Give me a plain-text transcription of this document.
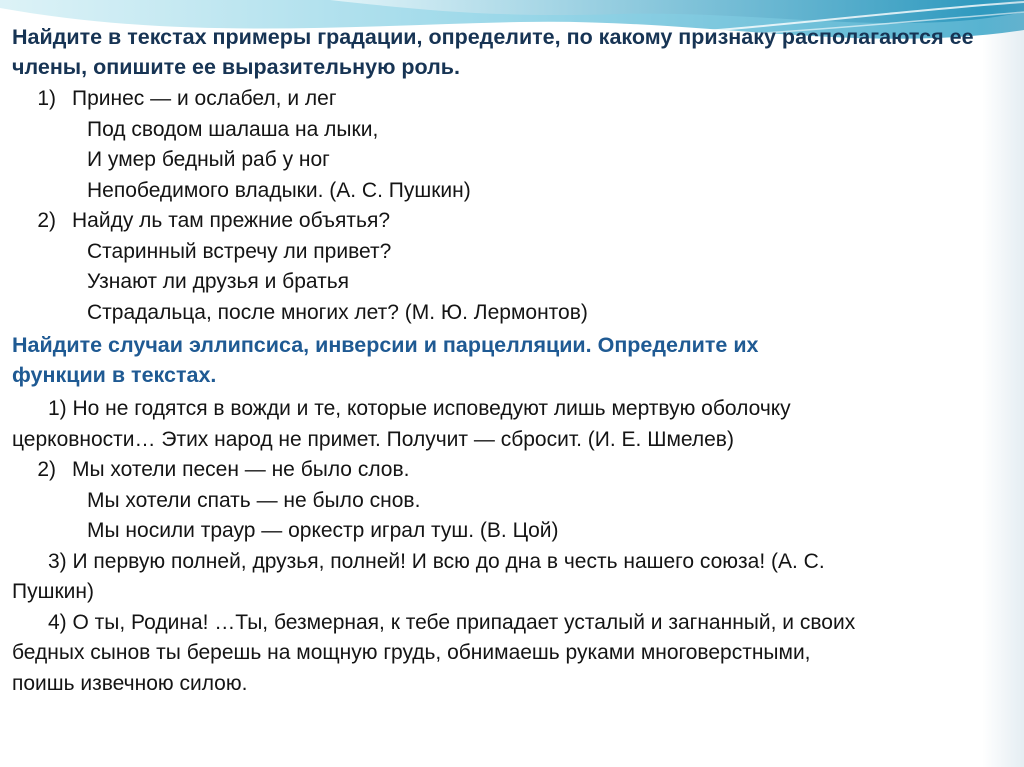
Найдите в текстах примеры градации, определите, по какому признаку располагаются ее члены, опишите ее выразительную роль.

1) Принес — и ослабел, и лег
Под сводом шалаша на лыки,
И умер бедный раб у ног
Непобедимого владыки. (А. С. Пушкин)
2) Найду ль там прежние объятья?
Старинный встречу ли привет?
Узнают ли друзья и братья
Страдальца, после многих лет? (М. Ю. Лермонтов)
Найдите случаи эллипсиса, инверсии и парцелляции. Определите их
функции в текстах.
1) Но не годятся в вожди и те, которые исповедуют лишь мертвую оболочку
церковности… Этих народ не примет. Получит — сбросит. (И. Е. Шмелев)
2) Мы хотели песен — не было слов.
Мы хотели спать — не было снов.
Мы носили траур — оркестр играл туш. (В. Цой)
3) И первую полней, друзья, полней! И всю до дна в честь нашего союза! (А. С.
Пушкин)
4) О ты, Родина! …Ты, безмерная, к тебе припадает усталый и загнанный, и своих
бедных сынов ты берешь на мощную грудь, обнимаешь руками многоверстными,
поишь извечною силою.
